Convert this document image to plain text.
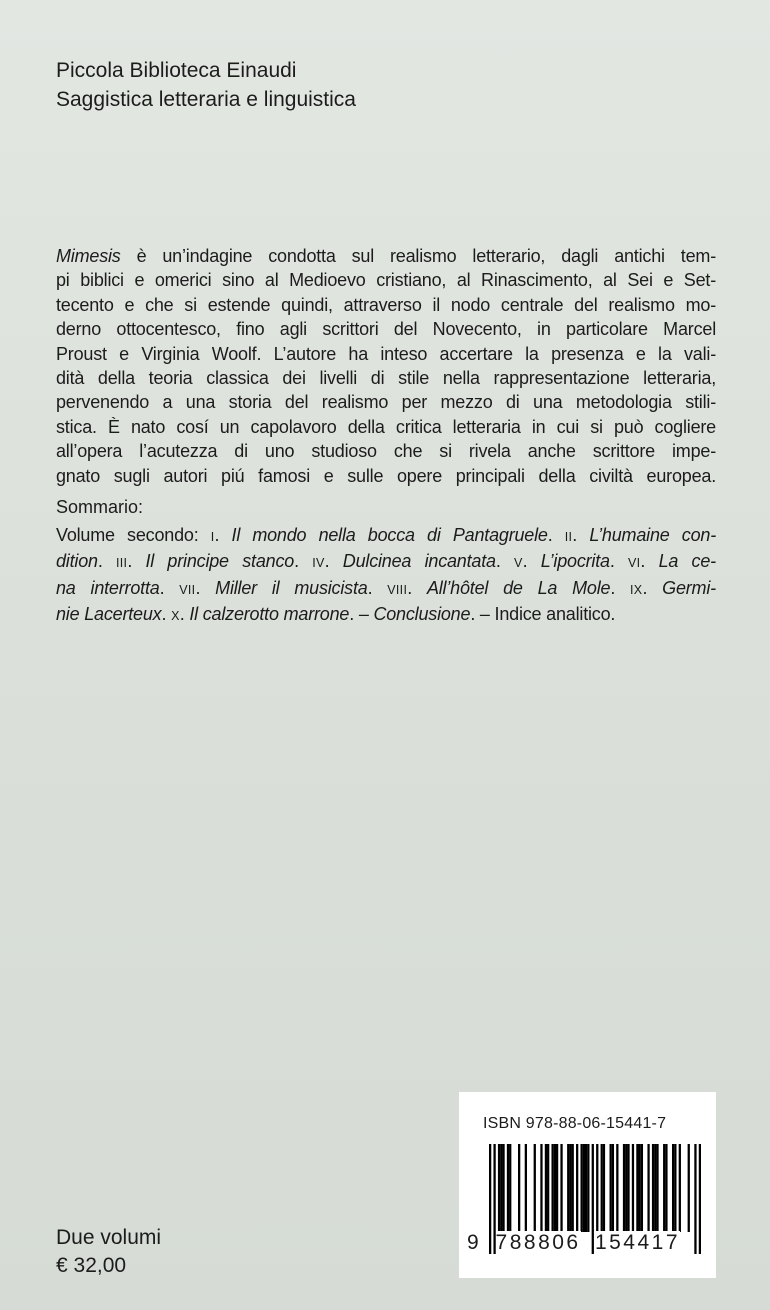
Piccola Biblioteca Einaudi
Saggistica letteraria e linguistica
Mimesis è un’indagine condotta sul realismo letterario, dagli antichi tem-
pi biblici e omerici sino al Medioevo cristiano, al Rinascimento, al Sei e Set-
tecento e che si estende quindi, attraverso il nodo centrale del realismo mo-
derno ottocentesco, fino agli scrittori del Novecento, in particolare Marcel
Proust e Virginia Woolf. L’autore ha inteso accertare la presenza e la vali-
dità della teoria classica dei livelli di stile nella rappresentazione letteraria,
pervenendo a una storia del realismo per mezzo di una metodologia stili-
stica. È nato cosí un capolavoro della critica letteraria in cui si può cogliere
all’opera l’acutezza di uno studioso che si rivela anche scrittore impe-
gnato sugli autori piú famosi e sulle opere principali della civiltà europea.
Sommario:
Volume secondo: I. Il mondo nella bocca di Pantagruele. II. L’humaine con-
dition. III. Il principe stanco. IV. Dulcinea incantata. V. L’ipocrita. VI. La ce-
na interrotta. VII. Miller il musicista. VIII. All’hôtel de La Mole. IX. Germi-
nie Lacerteux. X. Il calzerotto marrone. – Conclusione. – Indice analitico.
ISBN 978-88-06-15441-7
9 788806 154417
Due volumi
€ 32,00
